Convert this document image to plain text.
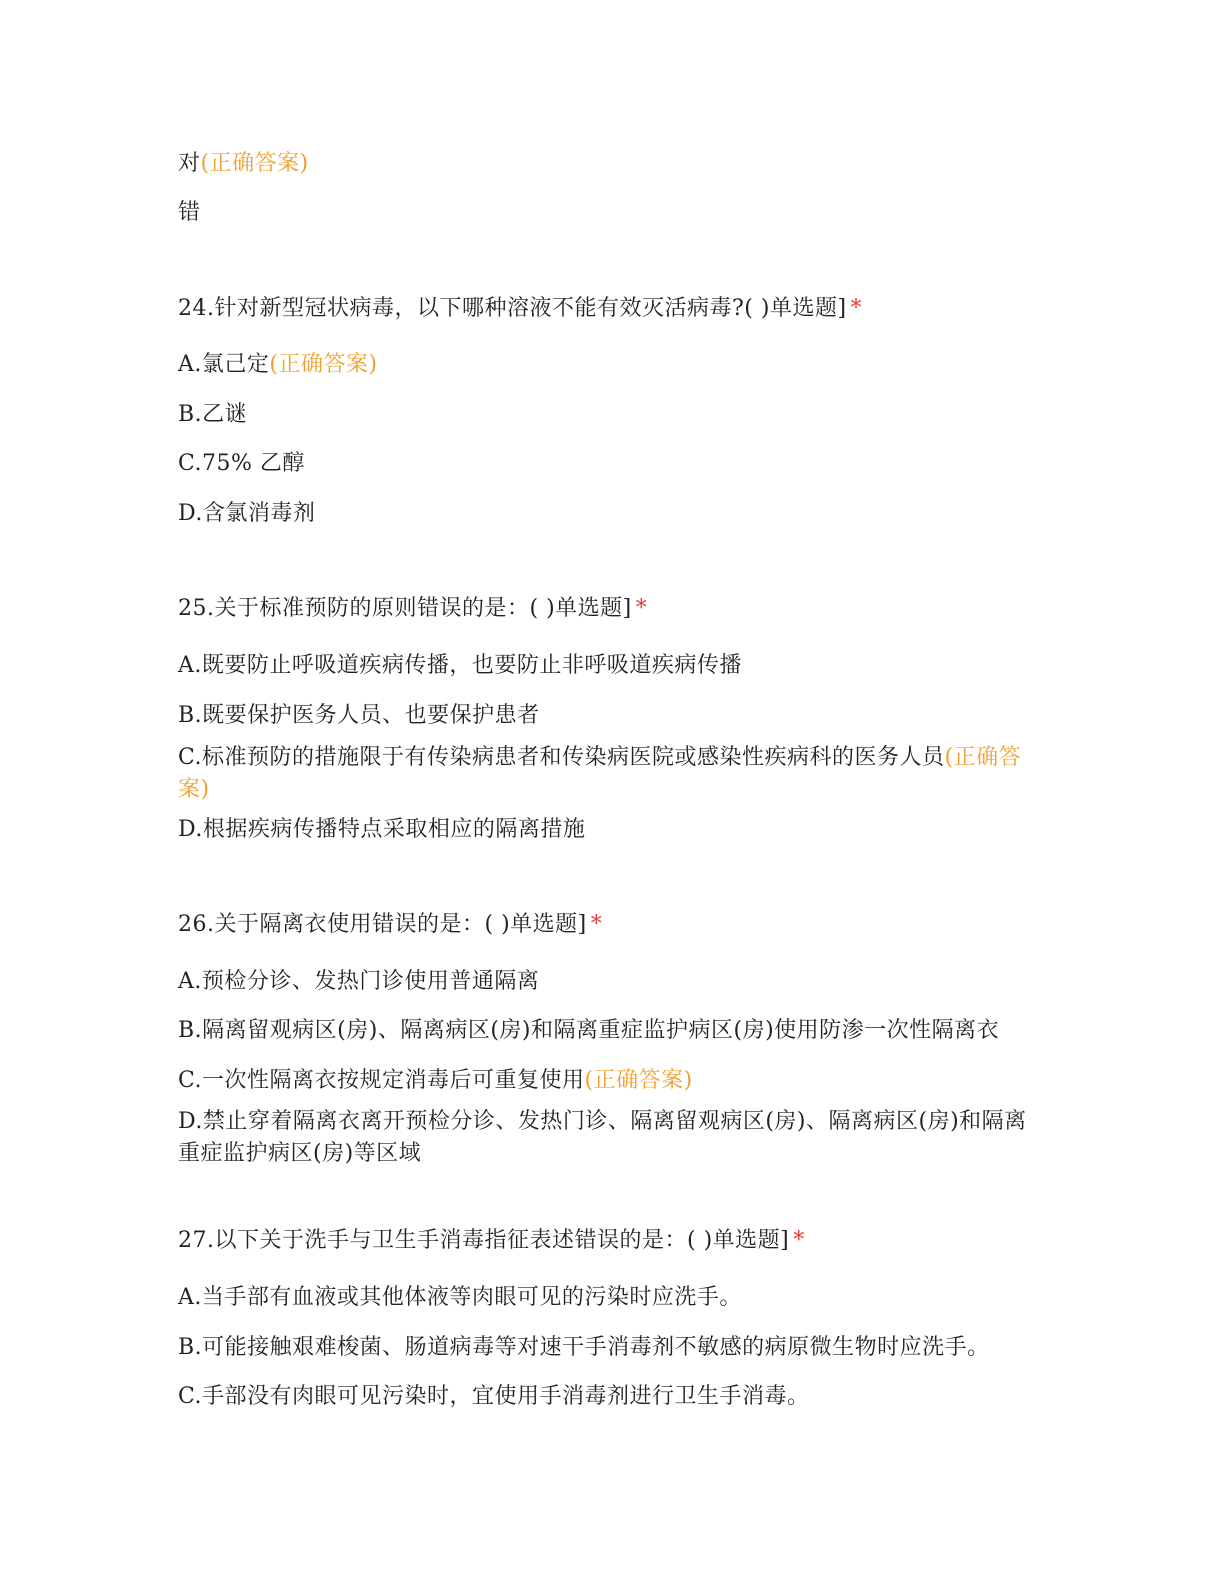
对(正确答案)
错
24.针对新型冠状病毒，以下哪种溶液不能有效灭活病毒?( )单选题] *
A.氯己定(正确答案)
B.乙谜
C.75% 乙醇
D.含氯消毒剂
25.关于标准预防的原则错误的是：( )单选题] *
A.既要防止呼吸道疾病传播，也要防止非呼吸道疾病传播
B.既要保护医务人员、也要保护患者
C.标准预防的措施限于有传染病患者和传染病医院或感染性疾病科的医务人员(正确答案)
D.根据疾病传播特点采取相应的隔离措施
26.关于隔离衣使用错误的是：( )单选题] *
A.预检分诊、发热门诊使用普通隔离
B.隔离留观病区(房)、隔离病区(房)和隔离重症监护病区(房)使用防渗一次性隔离衣
C.一次性隔离衣按规定消毒后可重复使用(正确答案)
D.禁止穿着隔离衣离开预检分诊、发热门诊、隔离留观病区(房)、隔离病区(房)和隔离重症监护病区(房)等区域
27.以下关于洗手与卫生手消毒指征表述错误的是：( )单选题] *
A.当手部有血液或其他体液等肉眼可见的污染时应洗手。
B.可能接触艰难梭菌、肠道病毒等对速干手消毒剂不敏感的病原微生物时应洗手。
C.手部没有肉眼可见污染时，宜使用手消毒剂进行卫生手消毒。
